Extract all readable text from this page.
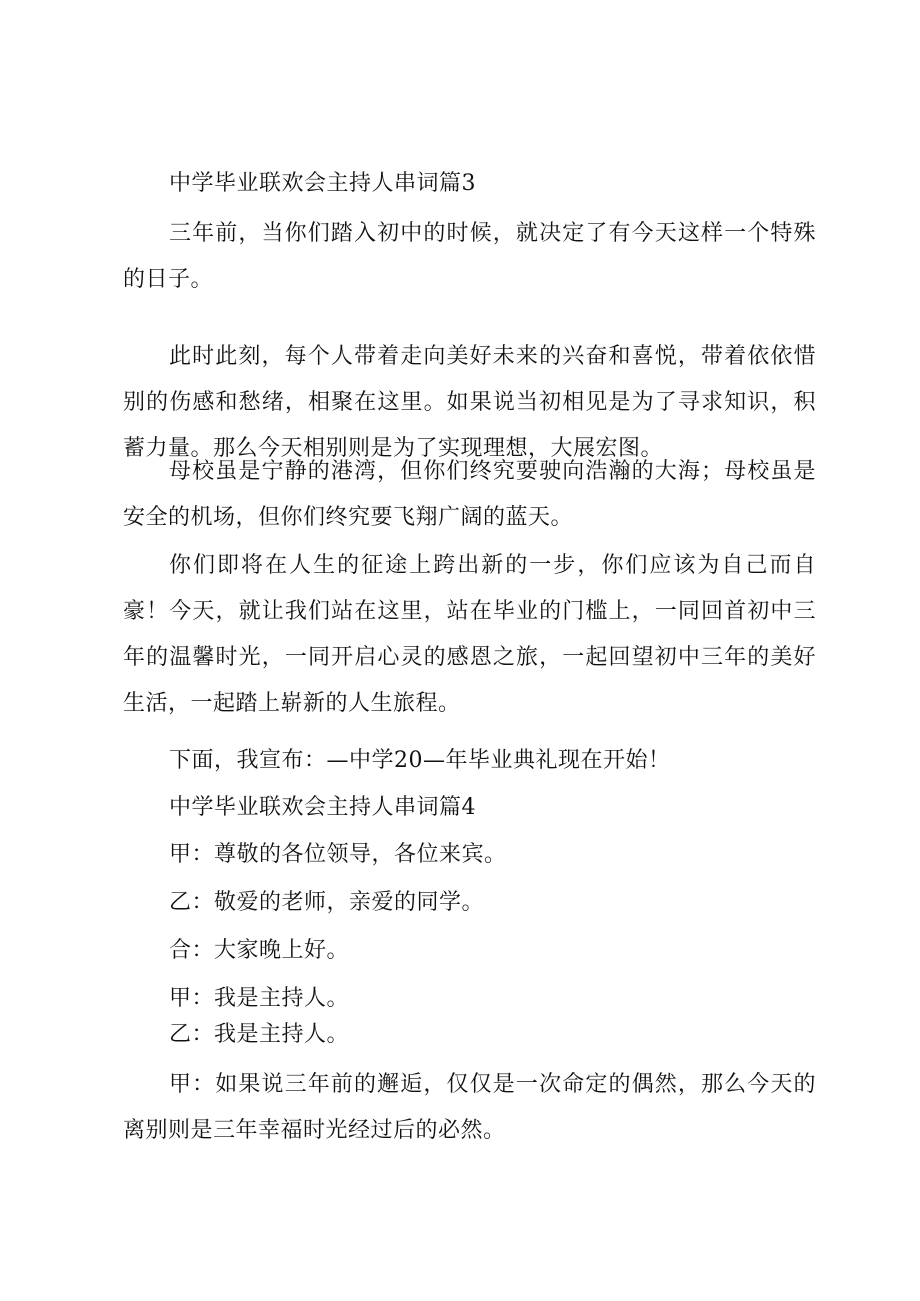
中学毕业联欢会主持人串词篇3

三年前，当你们踏入初中的时候，就决定了有今天这样一个特殊的日子。

此时此刻，每个人带着走向美好未来的兴奋和喜悦，带着依依惜别的伤感和愁绪，相聚在这里。如果说当初相见是为了寻求知识，积蓄力量。那么今天相别则是为了实现理想，大展宏图。

母校虽是宁静的港湾，但你们终究要驶向浩瀚的大海；母校虽是安全的机场，但你们终究要飞翔广阔的蓝天。

你们即将在人生的征途上跨出新的一步，你们应该为自己而自豪！今天，就让我们站在这里，站在毕业的门槛上，一同回首初中三年的温馨时光，一同开启心灵的感恩之旅，一起回望初中三年的美好生活，一起踏上崭新的人生旅程。

下面，我宣布：—中学20—年毕业典礼现在开始！

中学毕业联欢会主持人串词篇4

甲：尊敬的各位领导，各位来宾。

乙：敬爱的老师，亲爱的同学。

合：大家晚上好。

甲：我是主持人。

乙：我是主持人。

甲：如果说三年前的邂逅，仅仅是一次命定的偶然，那么今天的离别则是三年幸福时光经过后的必然。
